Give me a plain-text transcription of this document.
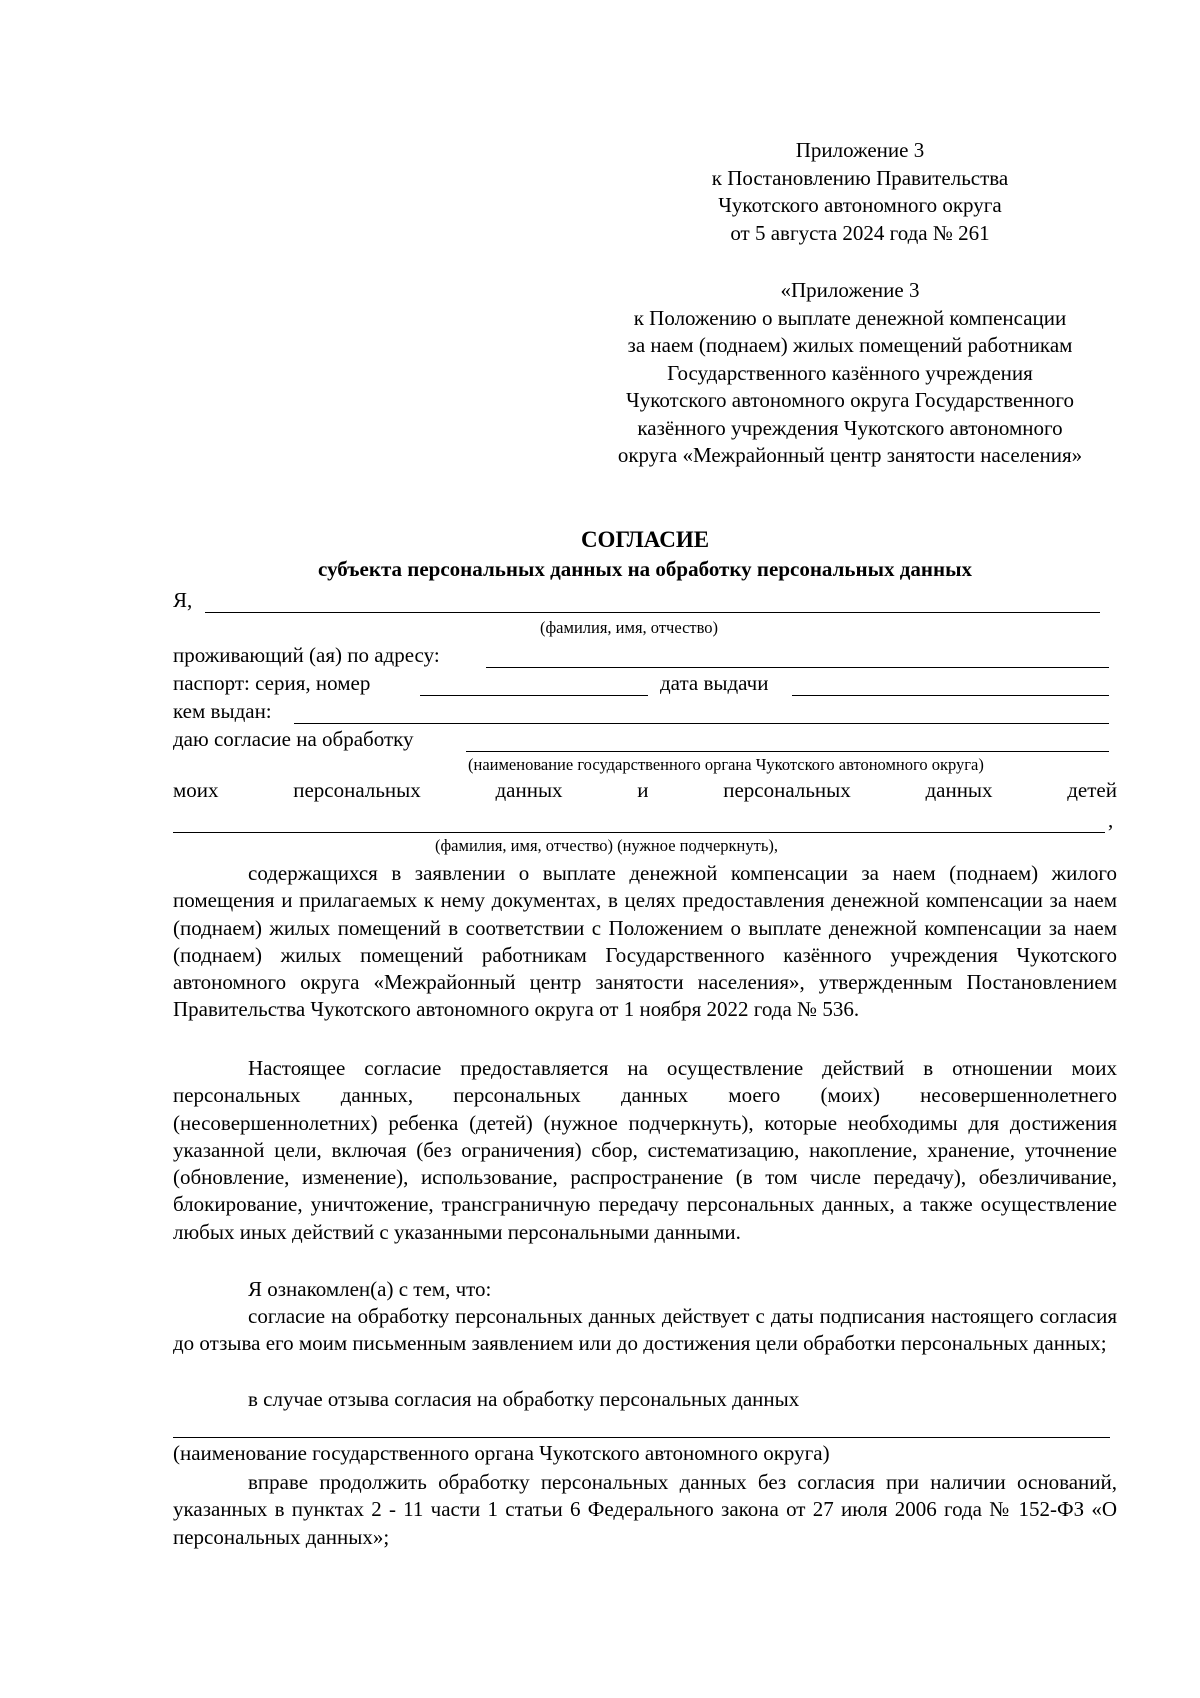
Приложение 3
к Постановлению Правительства
Чукотского автономного округа
от 5 августа 2024 года № 261
«Приложение 3
к Положению о выплате денежной компенсации
за наем (поднаем) жилых помещений работникам
Государственного казённого учреждения
Чукотского автономного округа Государственного
казённого учреждения Чукотского автономного
округа «Межрайонный центр занятости населения»
СОГЛАСИЕ
субъекта персональных данных на обработку персональных данных
Я,
(фамилия, имя, отчество)
проживающий (ая) по адресу:
паспорт: серия, номер	дата выдачи
кем выдан:
даю согласие на обработку
(наименование государственного органа Чукотского автономного округа)
моих	персональных	данных	и	персональных	данных	детей
,
(фамилия, имя, отчество) (нужное подчеркнуть),
содержащихся в заявлении о выплате денежной компенсации за наем (поднаем) жилого помещения и прилагаемых к нему документах, в целях предоставления денежной компенсации за наем (поднаем) жилых помещений в соответствии с Положением о выплате денежной компенсации за наем (поднаем) жилых помещений работникам Государственного казённого учреждения Чукотского автономного округа «Межрайонный центр занятости населения», утвержденным Постановлением Правительства Чукотского автономного округа от 1 ноября 2022 года № 536.
Настоящее согласие предоставляется на осуществление действий в отношении моих персональных данных, персональных данных моего (моих) несовершеннолетнего (несовершеннолетних) ребенка (детей) (нужное подчеркнуть), которые необходимы для достижения указанной цели, включая (без ограничения) сбор, систематизацию, накопление, хранение, уточнение (обновление, изменение), использование, распространение (в том числе передачу), обезличивание, блокирование, уничтожение, трансграничную передачу персональных данных, а также осуществление любых иных действий с указанными персональными данными.
Я ознакомлен(а) с тем, что:
согласие на обработку персональных данных действует с даты подписания настоящего согласия до отзыва его моим письменным заявлением или до достижения цели обработки персональных данных;
в случае отзыва согласия на обработку персональных данных
(наименование государственного органа Чукотского автономного округа)
вправе продолжить обработку персональных данных без согласия при наличии оснований, указанных в пунктах 2 - 11 части 1 статьи 6 Федерального закона от 27 июля 2006 года № 152-ФЗ «О персональных данных»;
